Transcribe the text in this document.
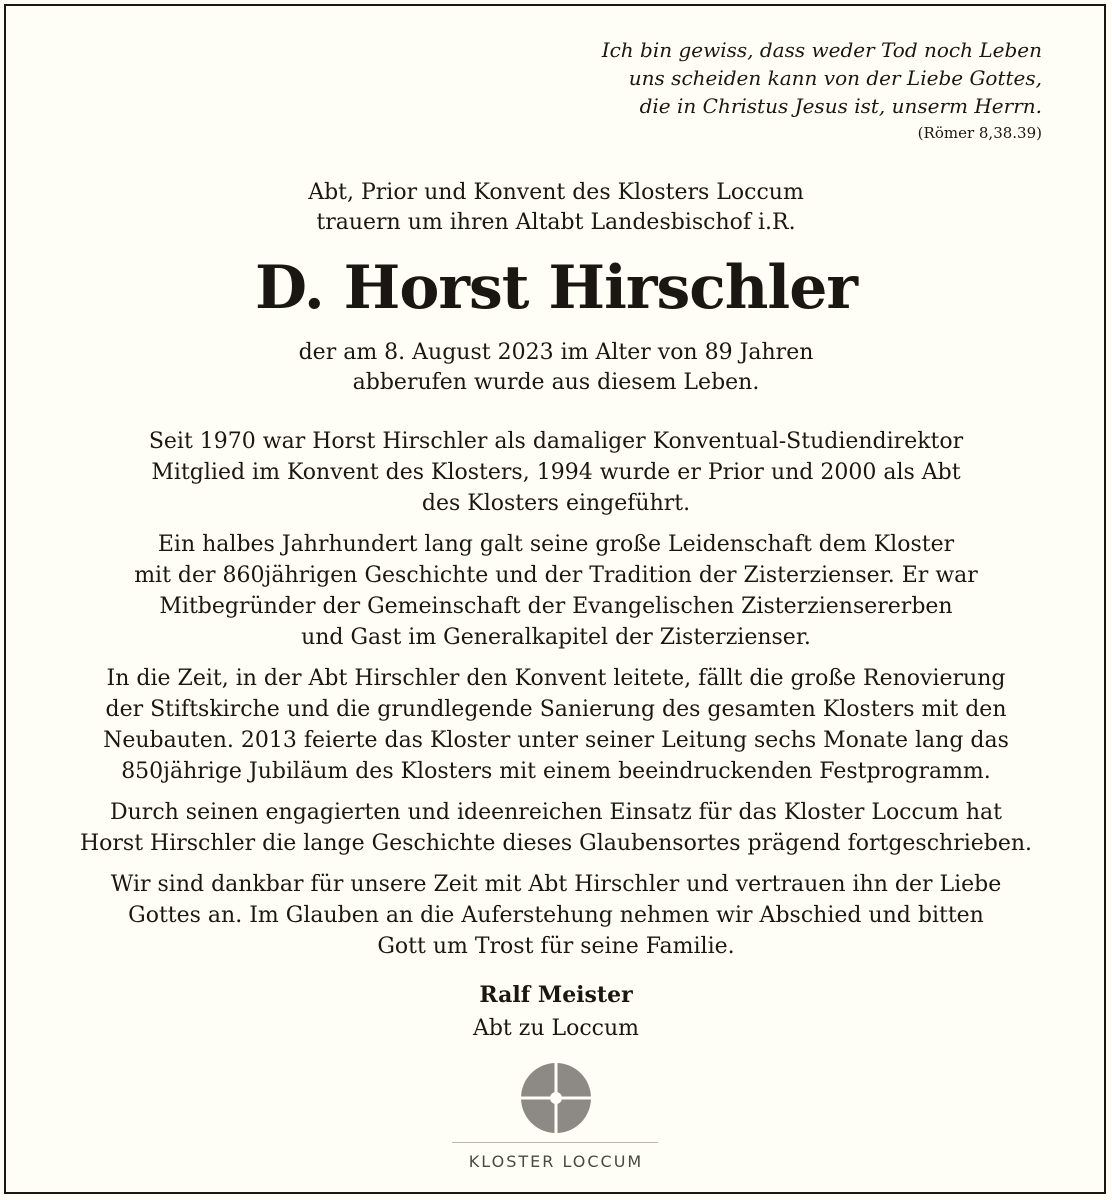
Ich bin gewiss, dass weder Tod noch Leben
uns scheiden kann von der Liebe Gottes,
die in Christus Jesus ist, unserm Herrn.
(Römer 8,38.39)
Abt, Prior und Konvent des Klosters Loccum
trauern um ihren Altabt Landesbischof i.R.
D. Horst Hirschler
der am 8. August 2023 im Alter von 89 Jahren
abberufen wurde aus diesem Leben.

Seit 1970 war Horst Hirschler als damaliger Konventual-Studiendirektor
Mitglied im Konvent des Klosters, 1994 wurde er Prior und 2000 als Abt
des Klosters eingeführt.

Ein halbes Jahrhundert lang galt seine große Leidenschaft dem Kloster
mit der 860jährigen Geschichte und der Tradition der Zisterzienser. Er war
Mitbegründer der Gemeinschaft der Evangelischen Zisterziensererben
und Gast im Generalkapitel der Zisterzienser.

In die Zeit, in der Abt Hirschler den Konvent leitete, fällt die große Renovierung
der Stiftskirche und die grundlegende Sanierung des gesamten Klosters mit den
Neubauten. 2013 feierte das Kloster unter seiner Leitung sechs Monate lang das
850jährige Jubiläum des Klosters mit einem beeindruckenden Festprogramm.

Durch seinen engagierten und ideenreichen Einsatz für das Kloster Loccum hat
Horst Hirschler die lange Geschichte dieses Glaubensortes prägend fortgeschrieben.

Wir sind dankbar für unsere Zeit mit Abt Hirschler und vertrauen ihn der Liebe
Gottes an. Im Glauben an die Auferstehung nehmen wir Abschied und bitten
Gott um Trost für seine Familie.

Ralf Meister
Abt zu Loccum
KLOSTER LOCCUM
